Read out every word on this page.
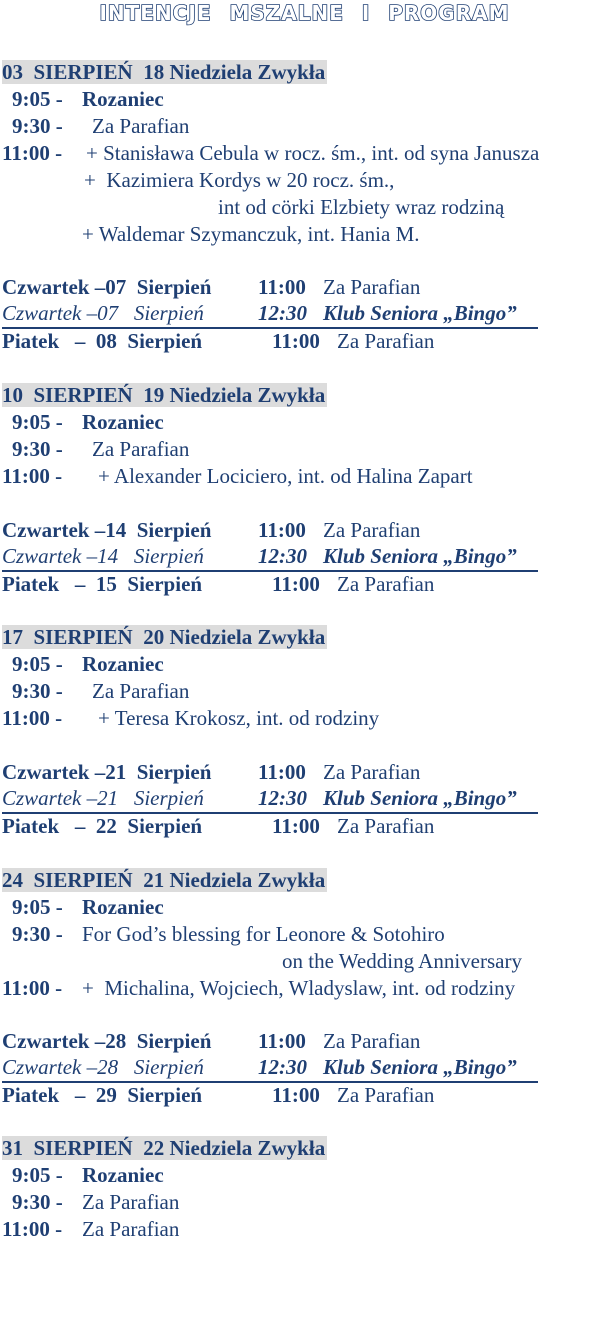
INTENCJE MSZALNE I PROGRAM
03  SIERPIEŃ  18 Niedziela Zwykła
9:05 - Rozaniec
9:30 - Za Parafian
11:00 - + Stanisława Cebula w rocz. śm., int. od syna Janusza
+  Kazimiera Kordys w 20 rocz. śm.,
int od cörki Elzbiety wraz rodziną
+ Waldemar Szymanczuk, int. Hania M.
Czwartek –07  Sierpień 11:00 Za Parafian
Czwartek –07   Sierpień	12:30 Klub Seniora „Bingo”
Piatek   –  08  Sierpień	11:00 Za Parafian
10  SIERPIEŃ  19 Niedziela Zwykła
9:05 - Rozaniec
9:30 - Za Parafian
11:00 - + Alexander Lociciero, int. od Halina Zapart
Czwartek –14  Sierpień 11:00 Za Parafian
Czwartek –14   Sierpień	12:30 Klub Seniora „Bingo”
Piatek   –  15  Sierpień	11:00 Za Parafian
17  SIERPIEŃ  20 Niedziela Zwykła
9:05 - Rozaniec
9:30 - Za Parafian
11:00 - + Teresa Krokosz, int. od rodziny
Czwartek –21  Sierpień 11:00 Za Parafian
Czwartek –21   Sierpień	12:30 Klub Seniora „Bingo”
Piatek   –  22  Sierpień	11:00 Za Parafian
24  SIERPIEŃ  21 Niedziela Zwykła
9:05 - Rozaniec
9:30 - For God’s blessing for Leonore & Sotohiro
on the Wedding Anniversary
11:00 - +  Michalina, Wojciech, Wladyslaw, int. od rodziny
Czwartek –28  Sierpień 11:00 Za Parafian
Czwartek –28   Sierpień	12:30 Klub Seniora „Bingo”
Piatek   –  29  Sierpień	11:00 Za Parafian
31  SIERPIEŃ  22 Niedziela Zwykła
9:05 - Rozaniec
9:30 - Za Parafian
11:00 - Za Parafian
